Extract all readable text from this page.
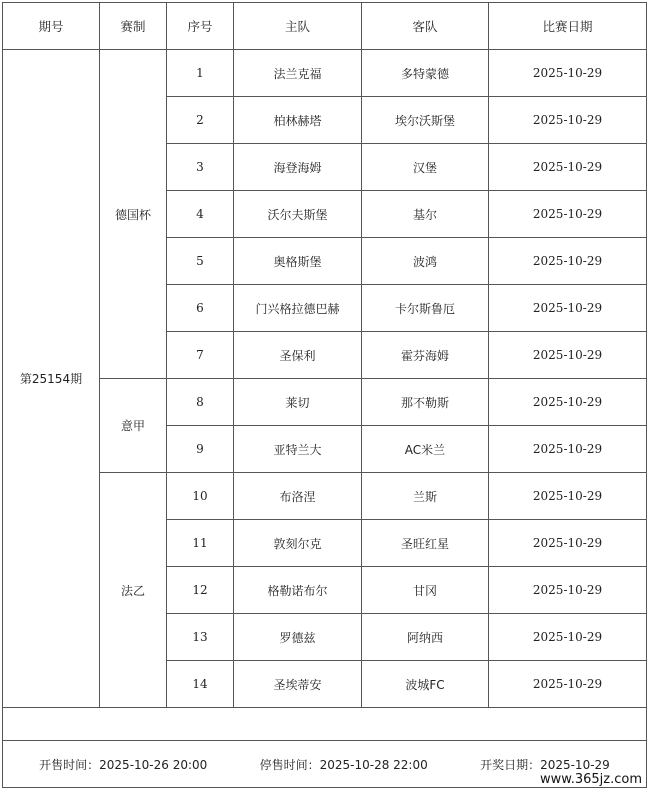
期号	赛制	序号	主队	客队	比赛日期
第25154期	德国杯	1	法兰克福	多特蒙德	2025-10-29
		2	柏林赫塔	埃尔沃斯堡	2025-10-29
		3	海登海姆	汉堡	2025-10-29
		4	沃尔夫斯堡	基尔	2025-10-29
		5	奥格斯堡	波鸿	2025-10-29
		6	门兴格拉德巴赫	卡尔斯鲁厄	2025-10-29
		7	圣保利	霍芬海姆	2025-10-29
	意甲	8	莱切	那不勒斯	2025-10-29
		9	亚特兰大	AC米兰	2025-10-29
	法乙	10	布洛涅	兰斯	2025-10-29
		11	敦刻尔克	圣旺红星	2025-10-29
		12	格勒诺布尔	甘冈	2025-10-29
		13	罗德兹	阿纳西	2025-10-29
		14	圣埃蒂安	波城FC	2025-10-29

开售时间：2025-10-26 20:00 停售时间：2025-10-28 22:00 开奖日期：2025-10-29					
www.365jz.com
